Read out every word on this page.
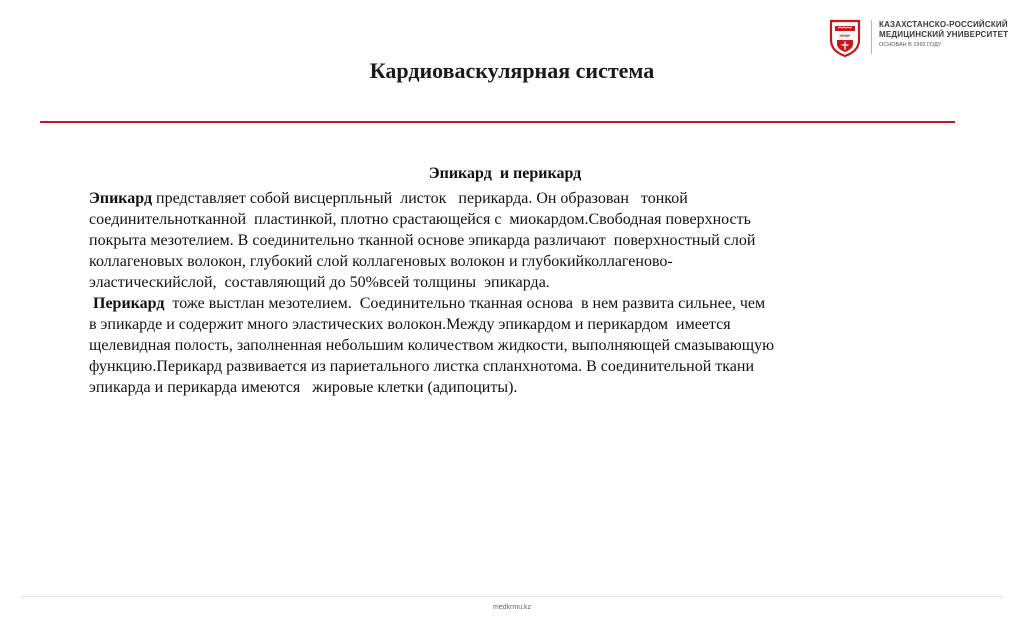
КРМУ
КАЗАХСТАНСКО-РОССИЙСКИЙ
МЕДИЦИНСКИЙ УНИВЕРСИТЕТ
ОСНОВАН В 1992 ГОДУ
Кардиоваскулярная система
Эпикард  и перикард
Эпикард представляет собой висцерпльный  листок   перикарда. Он образован   тонкой
соединительнотканной  пластинкой, плотно срастающейся с  миокардом.Свободная поверхность
покрыта мезотелием. В соединительно тканной основе эпикарда различают  поверхностный слой
коллагеновых волокон, глубокий слой коллагеновых волокон и глубокийколлагеново-
эластическийслой,  составляющий до 50%всей толщины  эпикарда.
Перикард  тоже выстлан мезотелием.  Соединительно тканная основа  в нем развита сильнее, чем
в эпикарде и содержит много эластических волокон.Между эпикардом и перикардом  имеется
щелевидная полость, заполненная небольшим количеством жидкости, выполняющей смазывающую
функцию.Перикард развивается из париетального листка спланхнотома. В соединительной ткани
эпикарда и перикарда имеются   жировые клетки (адипоциты).
medkrmu.kz
